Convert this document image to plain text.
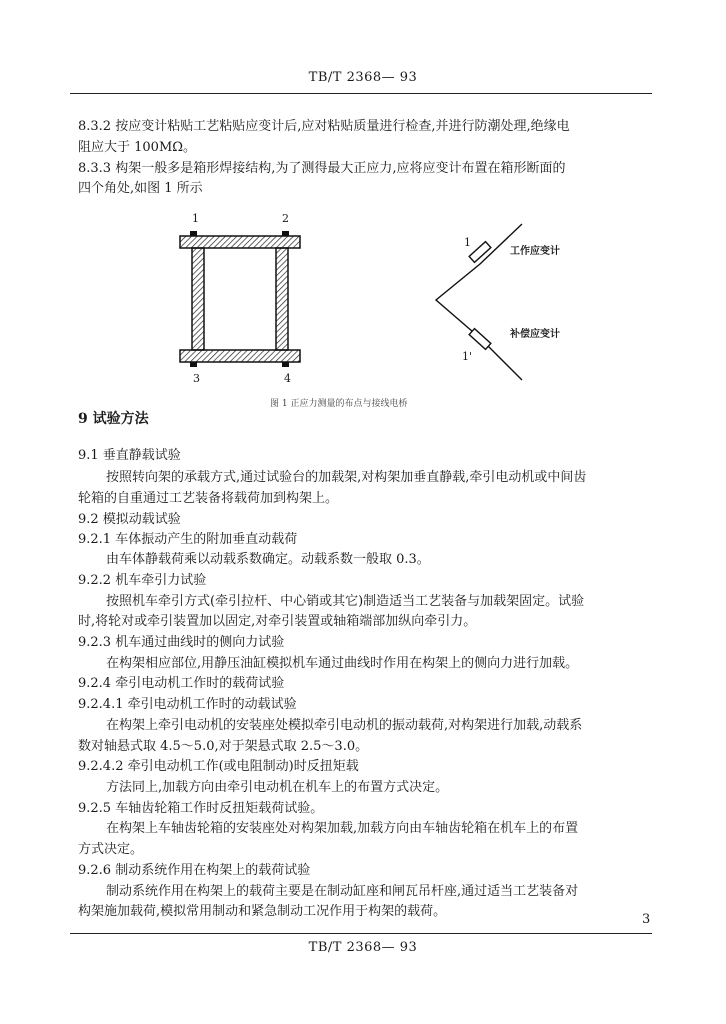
TB/T 2368— 93
8.3.2 按应变计粘贴工艺粘贴应变计后,应对粘贴质量进行检查,并进行防潮处理,绝缘电
阻应大于 100MΩ。
8.3.3 构架一般多是箱形焊接结构,为了测得最大正应力,应将应变计布置在箱形断面的
四个角处,如图 1 所示
1	2
3	4
1
工作应变计
1'
补偿应变计
图 1 正应力测量的布点与接线电桥
9 试验方法
9.1 垂直静载试验
按照转向架的承载方式,通过试验台的加载架,对构架加垂直静载,牵引电动机或中间齿
轮箱的自重通过工艺装备将载荷加到构架上。
9.2 模拟动载试验
9.2.1 车体振动产生的附加垂直动载荷
由车体静载荷乘以动载系数确定。动载系数一般取 0.3。
9.2.2 机车牵引力试验
按照机车牵引方式(牵引拉杆、中心销或其它)制造适当工艺装备与加载架固定。试验
时,将轮对或牵引装置加以固定,对牵引装置或轴箱端部加纵向牵引力。
9.2.3 机车通过曲线时的侧向力试验
在构架相应部位,用静压油缸模拟机车通过曲线时作用在构架上的侧向力进行加载。
9.2.4 牵引电动机工作时的载荷试验
9.2.4.1 牵引电动机工作时的动载试验
在构架上牵引电动机的安装座处模拟牵引电动机的振动载荷,对构架进行加载,动载系
数对轴悬式取 4.5～5.0,对于架悬式取 2.5～3.0。
9.2.4.2 牵引电动机工作(或电阻制动)时反扭矩载
方法同上,加载方向由牵引电动机在机车上的布置方式决定。
9.2.5 车轴齿轮箱工作时反扭矩载荷试验。
在构架上车轴齿轮箱的安装座处对构架加载,加载方向由车轴齿轮箱在机车上的布置
方式决定。
9.2.6 制动系统作用在构架上的载荷试验
制动系统作用在构架上的载荷主要是在制动缸座和闸瓦吊杆座,通过适当工艺装备对
构架施加载荷,模拟常用制动和紧急制动工况作用于构架的载荷。
3
TB/T 2368— 93
